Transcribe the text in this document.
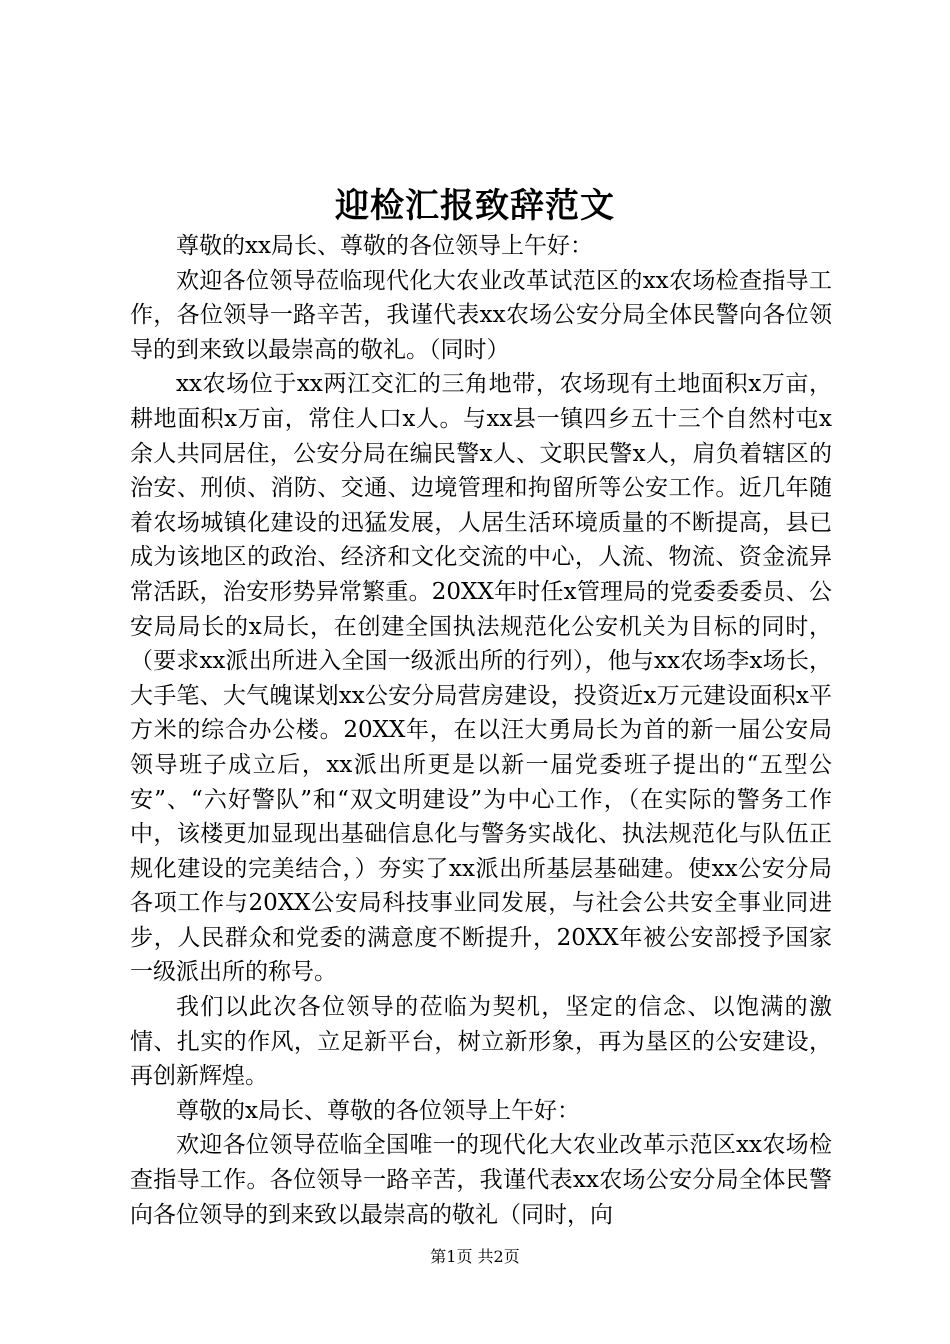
迎检汇报致辞范文

尊敬的xx局长、尊敬的各位领导上午好：

欢迎各位领导莅临现代化大农业改革试范区的xx农场检查指导工作，各位领导一路辛苦，我谨代表xx农场公安分局全体民警向各位领导的到来致以最崇高的敬礼。（同时）

xx农场位于xx两江交汇的三角地带，农场现有土地面积x万亩，耕地面积x万亩，常住人口x人。与xx县一镇四乡五十三个自然村屯x余人共同居住，公安分局在编民警x人、文职民警x人，肩负着辖区的治安、刑侦、消防、交通、边境管理和拘留所等公安工作。近几年随着农场城镇化建设的迅猛发展，人居生活环境质量的不断提高，县已成为该地区的政治、经济和文化交流的中心，人流、物流、资金流异常活跃，治安形势异常繁重。20XX年时任x管理局的党委委委员、公安局局长的x局长，在创建全国执法规范化公安机关为目标的同时，（要求xx派出所进入全国一级派出所的行列），他与xx农场李x场长，大手笔、大气魄谋划xx公安分局营房建设，投资近x万元建设面积x平方米的综合办公楼。20XX年，在以汪大勇局长为首的新一届公安局领导班子成立后，xx派出所更是以新一届党委班子提出的“五型公安”、“六好警队”和“双文明建设”为中心工作，（在实际的警务工作中，该楼更加显现出基础信息化与警务实战化、执法规范化与队伍正规化建设的完美结合，）夯实了xx派出所基层基础建。使xx公安分局各项工作与20XX公安局科技事业同发展，与社会公共安全事业同进步，人民群众和党委的满意度不断提升，20XX年被公安部授予国家一级派出所的称号。

我们以此次各位领导的莅临为契机，坚定的信念、以饱满的激情、扎实的作风，立足新平台，树立新形象，再为垦区的公安建设，再创新辉煌。

尊敬的x局长、尊敬的各位领导上午好：

欢迎各位领导莅临全国唯一的现代化大农业改革示范区xx农场检查指导工作。各位领导一路辛苦，我谨代表xx农场公安分局全体民警向各位领导的到来致以最崇高的敬礼（同时，向

第1页 共2页
